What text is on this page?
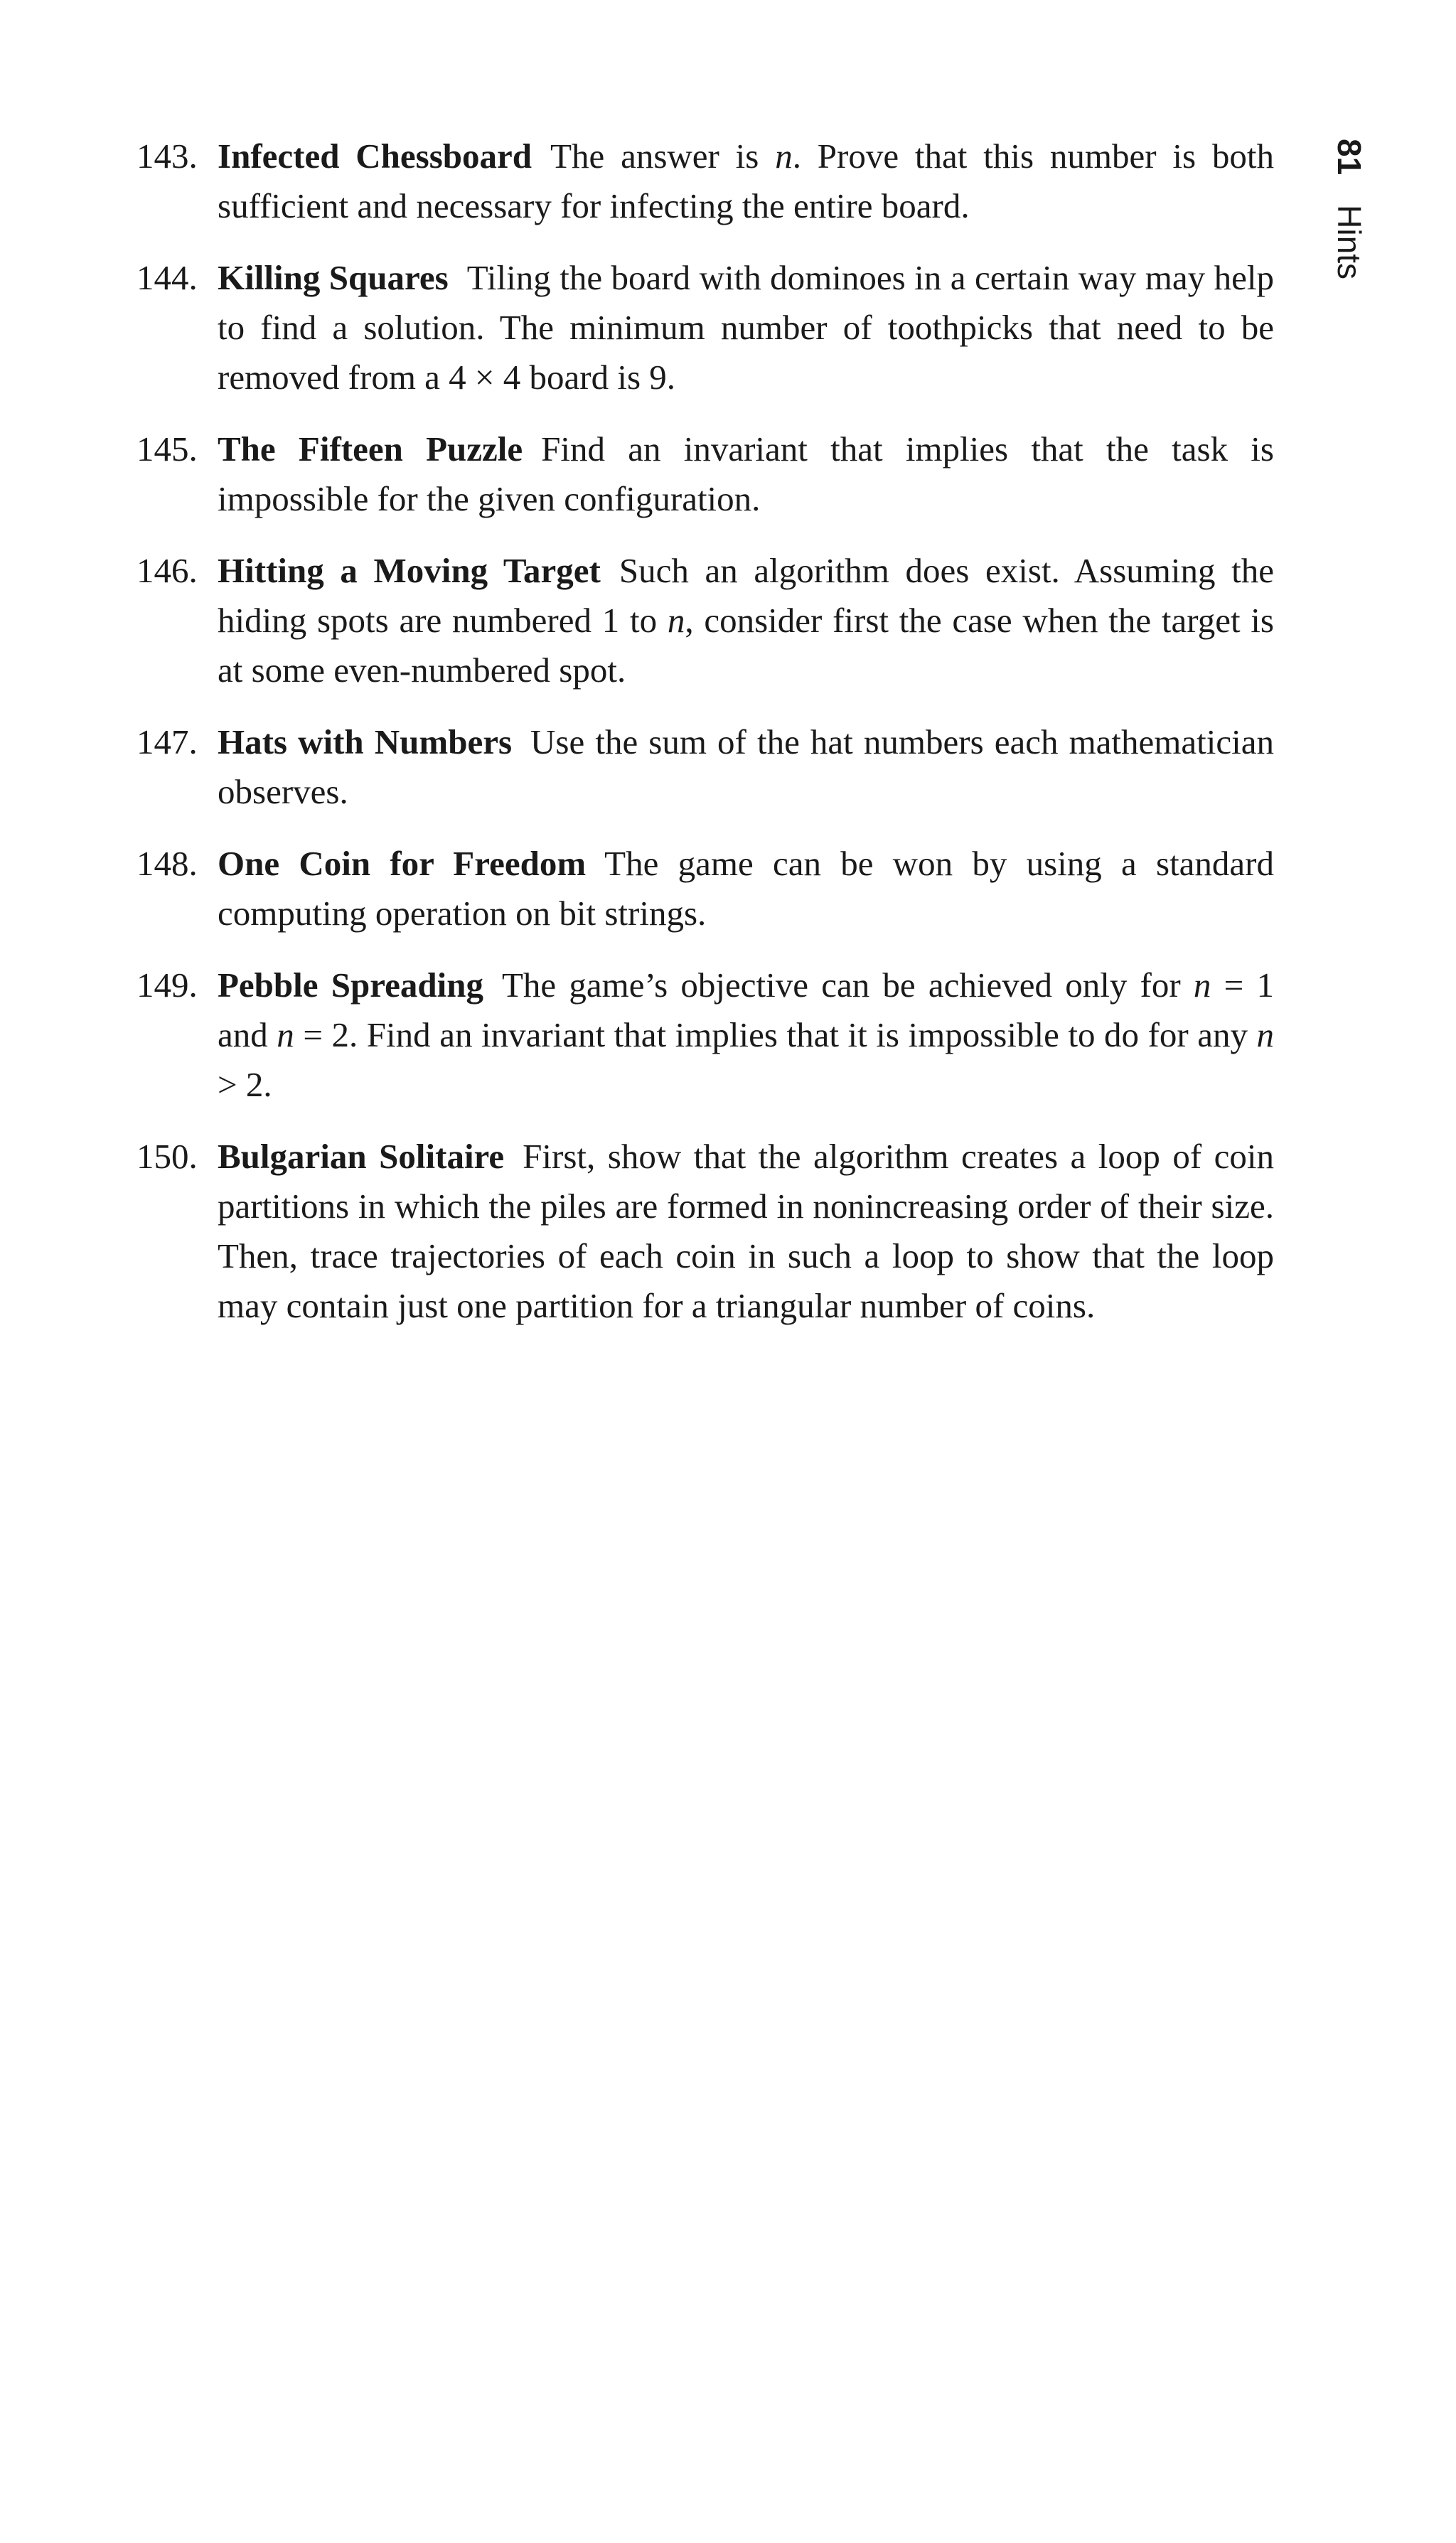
81Hints
143. Infected Chessboard The answer is n. Prove that this number is both sufficient and necessary for infecting the entire board.
144. Killing Squares Tiling the board with dominoes in a certain way may help to find a solution. The minimum number of toothpicks that need to be removed from a 4 × 4 board is 9.
145. The Fifteen Puzzle Find an invariant that implies that the task is impossible for the given configuration.
146. Hitting a Moving Target Such an algorithm does exist. Assuming the hiding spots are numbered 1 to n, consider first the case when the target is at some even-numbered spot.
147. Hats with Numbers Use the sum of the hat numbers each mathematician observes.
148. One Coin for Freedom The game can be won by using a standard computing operation on bit strings.
149. Pebble Spreading The game’s objective can be achieved only for n = 1 and n = 2. Find an invariant that implies that it is impossible to do for any n > 2.
150. Bulgarian Solitaire First, show that the algorithm creates a loop of coin partitions in which the piles are formed in nonincreasing order of their size. Then, trace trajectories of each coin in such a loop to show that the loop may contain just one partition for a triangular number of coins.
